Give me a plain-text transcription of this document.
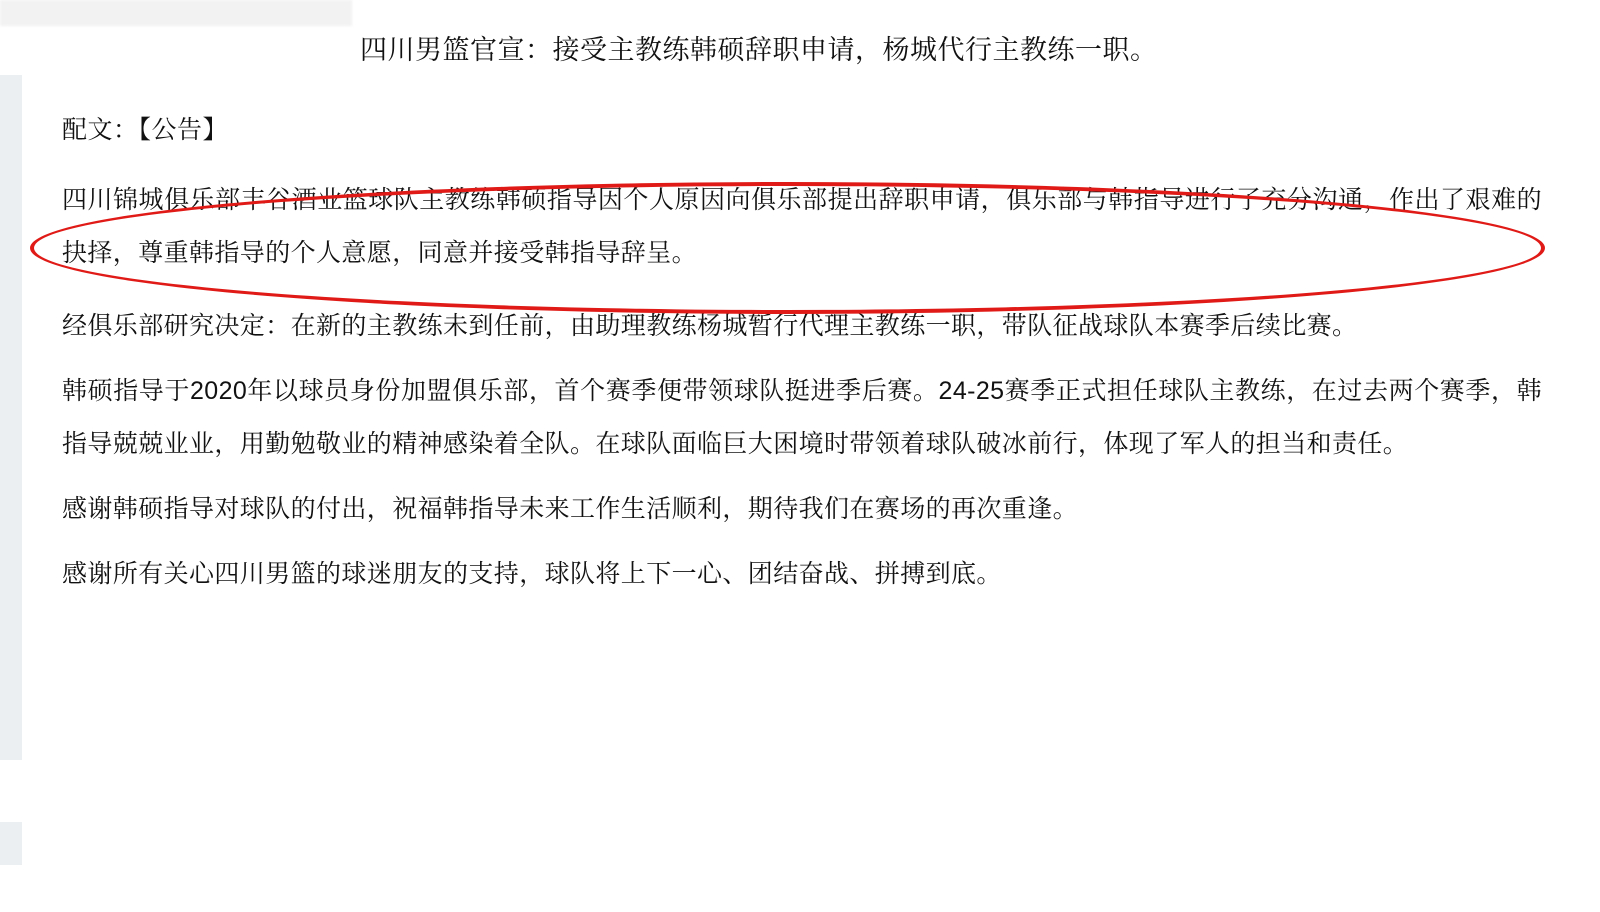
四川男篮官宣：接受主教练韩硕辞职申请，杨城代行主教练一职。

配文：【公告】

四川锦城俱乐部丰谷酒业篮球队主教练韩硕指导因个人原因向俱乐部提出辞职申请，俱乐部与韩指导进行了充分沟通，作出了艰难的抉择，尊重韩指导的个人意愿，同意并接受韩指导辞呈。

经俱乐部研究决定：在新的主教练未到任前，由助理教练杨城暂行代理主教练一职，带队征战球队本赛季后续比赛。

韩硕指导于2020年以球员身份加盟俱乐部，首个赛季便带领球队挺进季后赛。24-25赛季正式担任球队主教练，在过去两个赛季，韩指导兢兢业业，用勤勉敬业的精神感染着全队。在球队面临巨大困境时带领着球队破冰前行，体现了军人的担当和责任。

感谢韩硕指导对球队的付出，祝福韩指导未来工作生活顺利，期待我们在赛场的再次重逢。

感谢所有关心四川男篮的球迷朋友的支持，球队将上下一心、团结奋战、拼搏到底。
